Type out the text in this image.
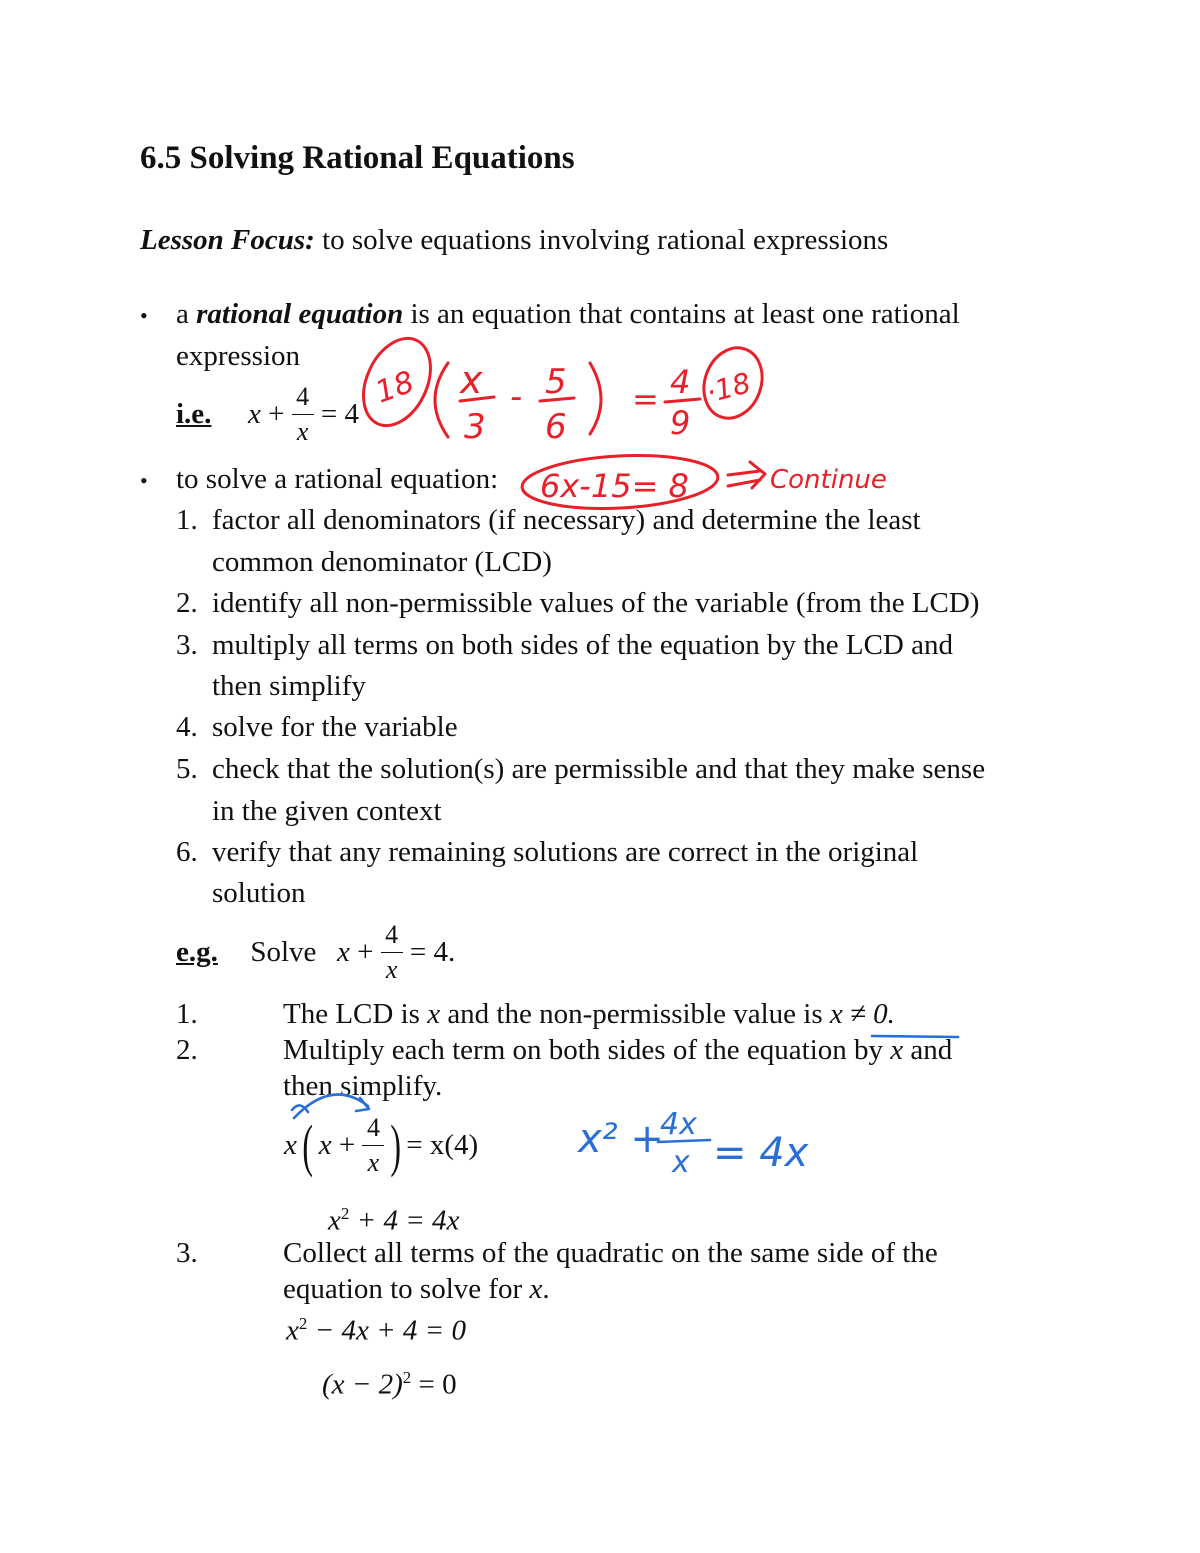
6.5 Solving Rational Equations
Lesson Focus: to solve equations involving rational expressions
• a rational equation is an equation that contains at least one rational
expression
i.e. $x + \frac{4}{x} = 4$
• to solve a rational equation:
1. factor all denominators (if necessary) and determine the least
common denominator (LCD)
2. identify all non-permissible values of the variable (from the LCD)
3. multiply all terms on both sides of the equation by the LCD and
then simplify
4. solve for the variable
5. check that the solution(s) are permissible and that they make sense
in the given context
6. verify that any remaining solutions are correct in the original
solution
e.g. Solve $x + \frac{4}{x} = 4$.
1.	The LCD is x and the non-permissible value is x ≠ 0.
2.	Multiply each term on both sides of the equation by x and
then simplify.
x ( $x + \frac{4}{x}$ ) = x(4)
$x^2 + 4 = 4x$
3.	Collect all terms of the quadratic on the same side of the
equation to solve for x.
$x^2 - 4x + 4 = 0$
$(x - 2)^2 = 0$
18 x
3
- 5
6
= 4
9
·18
6x-15= 8	Continue
x² +
4x
x = 4x
